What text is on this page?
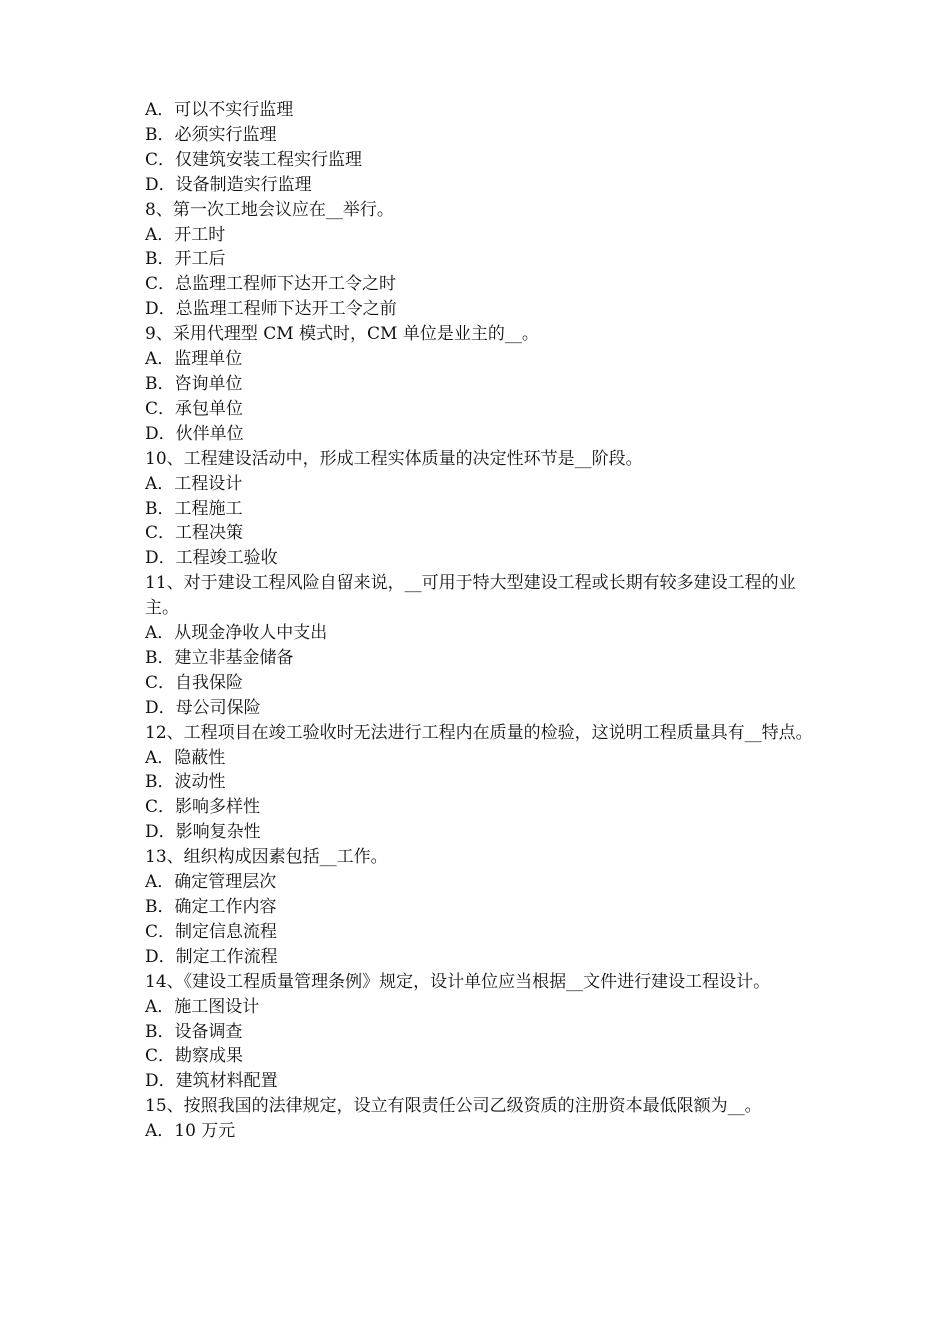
A．可以不实行监理
B．必须实行监理
C．仅建筑安装工程实行监理
D．设备制造实行监理
8、第一次工地会议应在__举行。
A．开工时
B．开工后
C．总监理工程师下达开工令之时
D．总监理工程师下达开工令之前
9、采用代理型 CM 模式时，CM 单位是业主的__。
A．监理单位
B．咨询单位
C．承包单位
D．伙伴单位
10、工程建设活动中，形成工程实体质量的决定性环节是__阶段。
A．工程设计
B．工程施工
C．工程决策
D．工程竣工验收
11、对于建设工程风险自留来说，__可用于特大型建设工程或长期有较多建设工程的业主。
A．从现金净收人中支出
B．建立非基金储备
C．自我保险
D．母公司保险
12、工程项目在竣工验收时无法进行工程内在质量的检验，这说明工程质量具有__特点。
A．隐蔽性
B．波动性
C．影响多样性
D．影响复杂性
13、组织构成因素包括__工作。
A．确定管理层次
B．确定工作内容
C．制定信息流程
D．制定工作流程
14、《建设工程质量管理条例》规定，设计单位应当根据__文件进行建设工程设计。
A．施工图设计
B．设备调查
C．勘察成果
D．建筑材料配置
15、按照我国的法律规定，设立有限责任公司乙级资质的注册资本最低限额为__。
A．10 万元
